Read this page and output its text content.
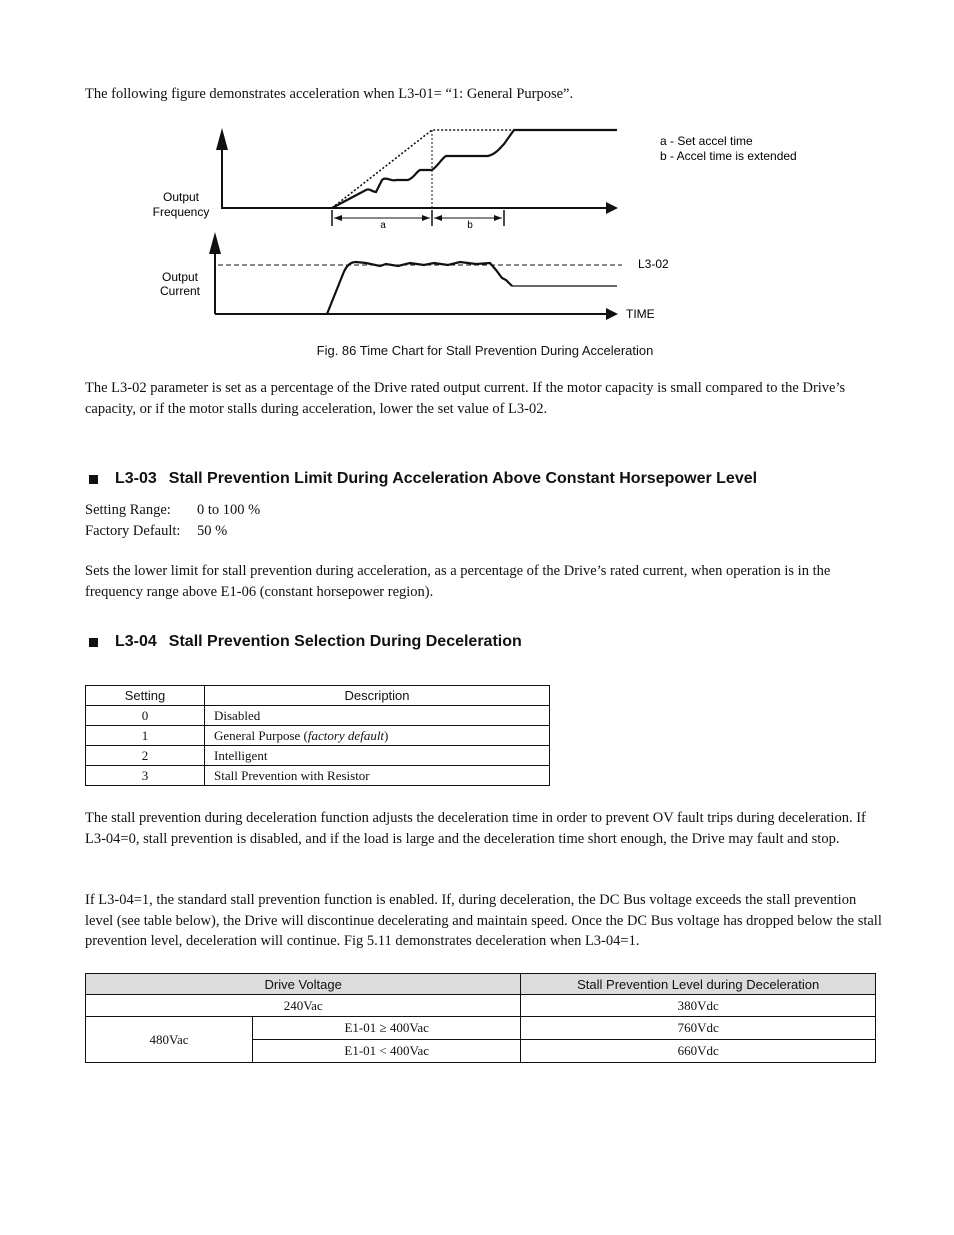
The following figure demonstrates acceleration when L3-01= “1: General Purpose”.
a	b
Output
Frequency
Output
Current
a - Set accel time
b - Accel time is extended
L3-02
TIME
Fig. 86 Time Chart for Stall Prevention During Acceleration
The L3-02 parameter is set as a percentage of the Drive rated output current. If the motor capacity is small compared to the Drive’s capacity, or if the motor stalls during acceleration, lower the set value of L3-02.
L3-03 Stall Prevention Limit During Acceleration Above Constant Horsepower Level
Setting Range: 0 to 100 %
Factory Default: 50 %
Sets the lower limit for stall prevention during acceleration, as a percentage of the Drive’s rated current, when operation is in the frequency range above E1-06 (constant horsepower region).
L3-04 Stall Prevention Selection During Deceleration
Setting	Description
0	Disabled
1	General Purpose (factory default)
2	Intelligent
3	Stall Prevention with Resistor
The stall prevention during deceleration function adjusts the deceleration time in order to prevent OV fault trips during deceleration. If L3-04=0, stall prevention is disabled, and if the load is large and the deceleration time short enough, the Drive may fault and stop.
If L3-04=1, the standard stall prevention function is enabled. If, during deceleration, the DC Bus voltage exceeds the stall prevention level (see table below), the Drive will discontinue decelerating and maintain speed. Once the DC Bus voltage has dropped below the stall prevention level, deceleration will continue. Fig 5.11 demonstrates deceleration when L3-04=1.
Drive Voltage		Stall Prevention Level during Deceleration
240Vac		380Vdc
480Vac	E1-01 ≥ 400Vac	760Vdc
	E1-01 < 400Vac	660Vdc
